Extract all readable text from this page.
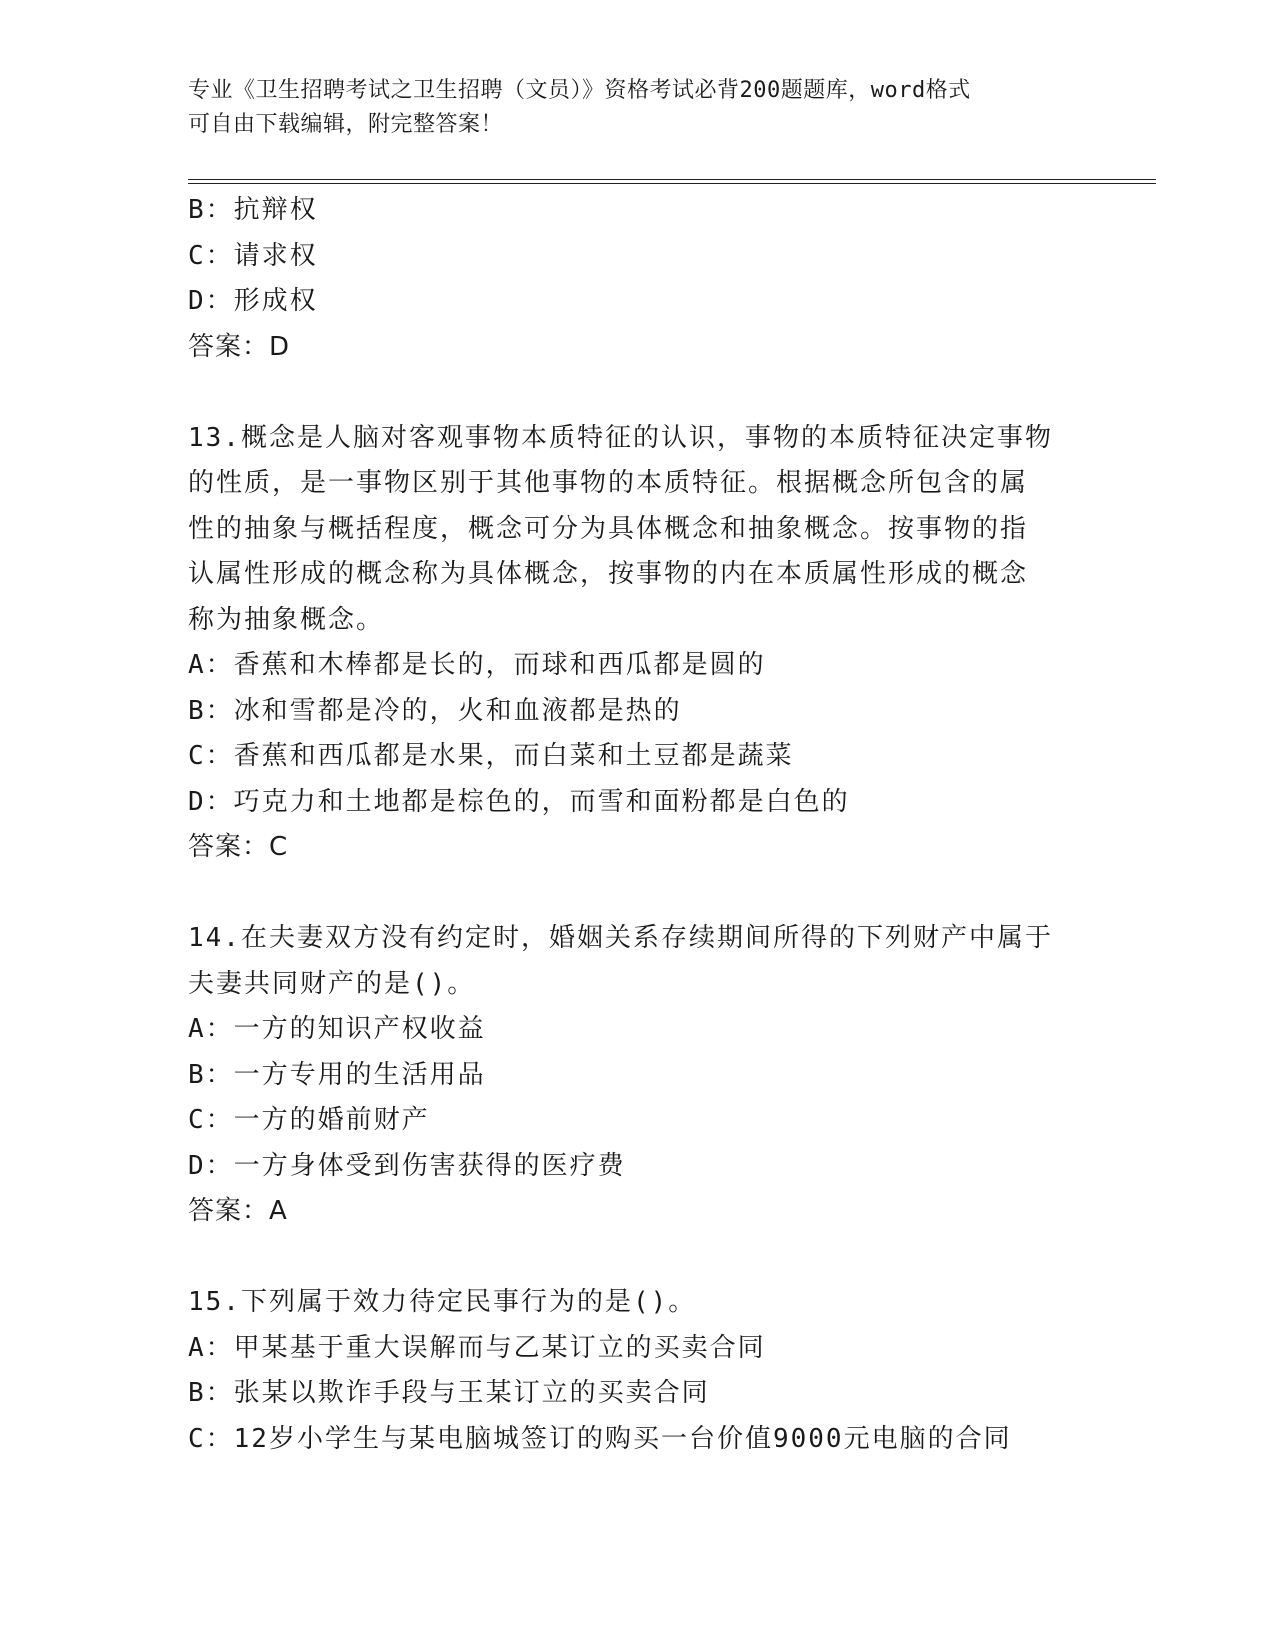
专业《卫生招聘考试之卫生招聘（文员）》资格考试必背200题题库，word格式
可自由下载编辑，附完整答案！
B：抗辩权
C：请求权
D：形成权
答案：D
13.概念是人脑对客观事物本质特征的认识，事物的本质特征决定事物
的性质，是一事物区别于其他事物的本质特征。根据概念所包含的属
性的抽象与概括程度，概念可分为具体概念和抽象概念。按事物的指
认属性形成的概念称为具体概念，按事物的内在本质属性形成的概念
称为抽象概念。
A：香蕉和木棒都是长的，而球和西瓜都是圆的
B：冰和雪都是冷的，火和血液都是热的
C：香蕉和西瓜都是水果，而白菜和土豆都是蔬菜
D：巧克力和土地都是棕色的，而雪和面粉都是白色的
答案：C
14.在夫妻双方没有约定时，婚姻关系存续期间所得的下列财产中属于
夫妻共同财产的是()。
A：一方的知识产权收益
B：一方专用的生活用品
C：一方的婚前财产
D：一方身体受到伤害获得的医疗费
答案：A
15.下列属于效力待定民事行为的是()。
A：甲某基于重大误解而与乙某订立的买卖合同
B：张某以欺诈手段与王某订立的买卖合同
C：12岁小学生与某电脑城签订的购买一台价值9000元电脑的合同
